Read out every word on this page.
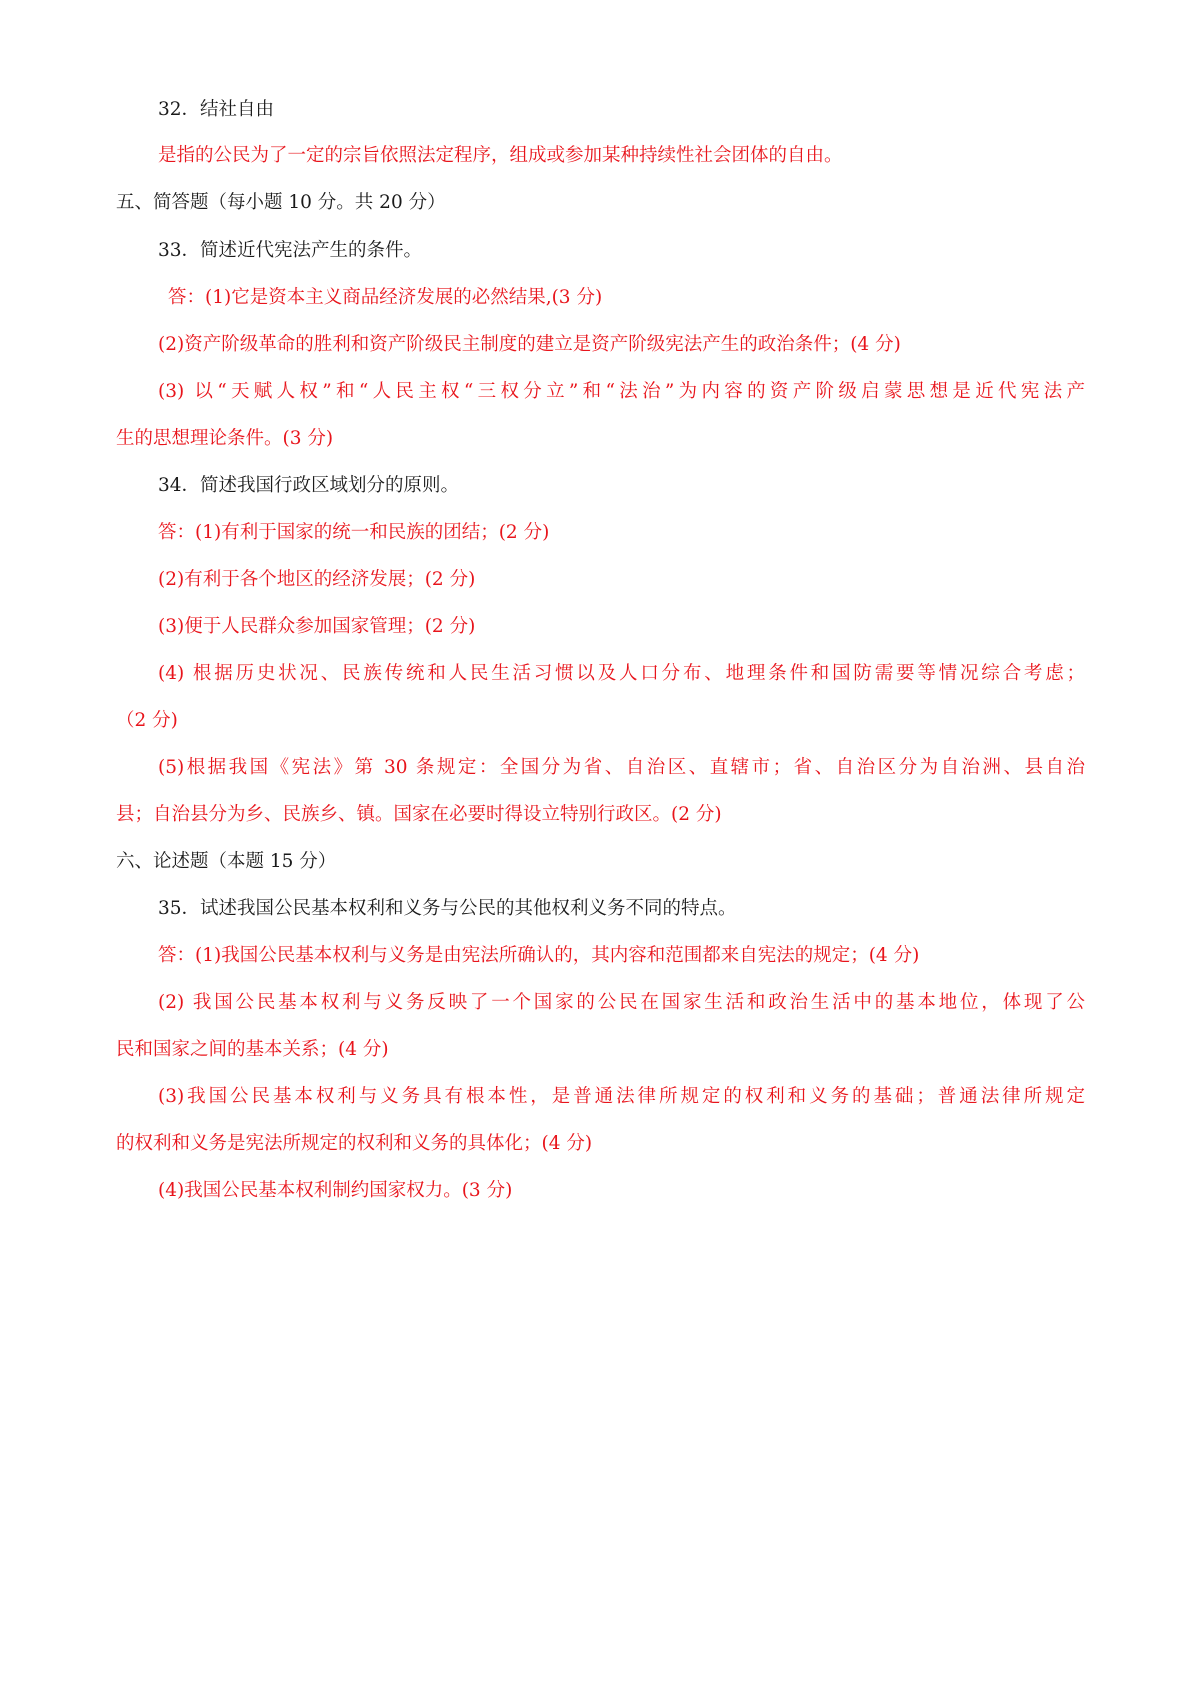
32．结社自由
是指的公民为了一定的宗旨依照法定程序，组成或参加某种持续性社会团体的自由。
五、简答题（每小题 10 分。共 20 分）
33．简述近代宪法产生的条件。
答：(1)它是资本主义商品经济发展的必然结果,(3 分)
(2)资产阶级革命的胜利和资产阶级民主制度的建立是资产阶级宪法产生的政治条件；(4 分)
(3) 以“天赋人权”和“人民主权“三权分立”和“法治”为内容的资产阶级启蒙思想是近代宪法产
生的思想理论条件。(3 分)
34．简述我国行政区域划分的原则。
答：(1)有利于国家的统一和民族的团结；(2 分)
(2)有利于各个地区的经济发展；(2 分)
(3)便于人民群众参加国家管理；(2 分)
(4) 根据历史状况、民族传统和人民生活习惯以及人口分布、地理条件和国防需要等情况综合考虑；
（2 分)
(5)根据我国《宪法》第 30 条规定：全国分为省、自治区、直辖市；省、自治区分为自治洲、县自治
县；自治县分为乡、民族乡、镇。国家在必要时得设立特别行政区。(2 分)
六、论述题（本题 15 分）
35．试述我国公民基本权利和义务与公民的其他权利义务不同的特点。
答：(1)我国公民基本权利与义务是由宪法所确认的，其内容和范围都来自宪法的规定；(4 分)
(2) 我国公民基本权利与义务反映了一个国家的公民在国家生活和政治生活中的基本地位，体现了公
民和国家之间的基本关系；(4 分)
(3)我国公民基本权利与义务具有根本性，是普通法律所规定的权利和义务的基础；普通法律所规定
的权利和义务是宪法所规定的权利和义务的具体化；(4 分)
(4)我国公民基本权利制约国家权力。(3 分)
